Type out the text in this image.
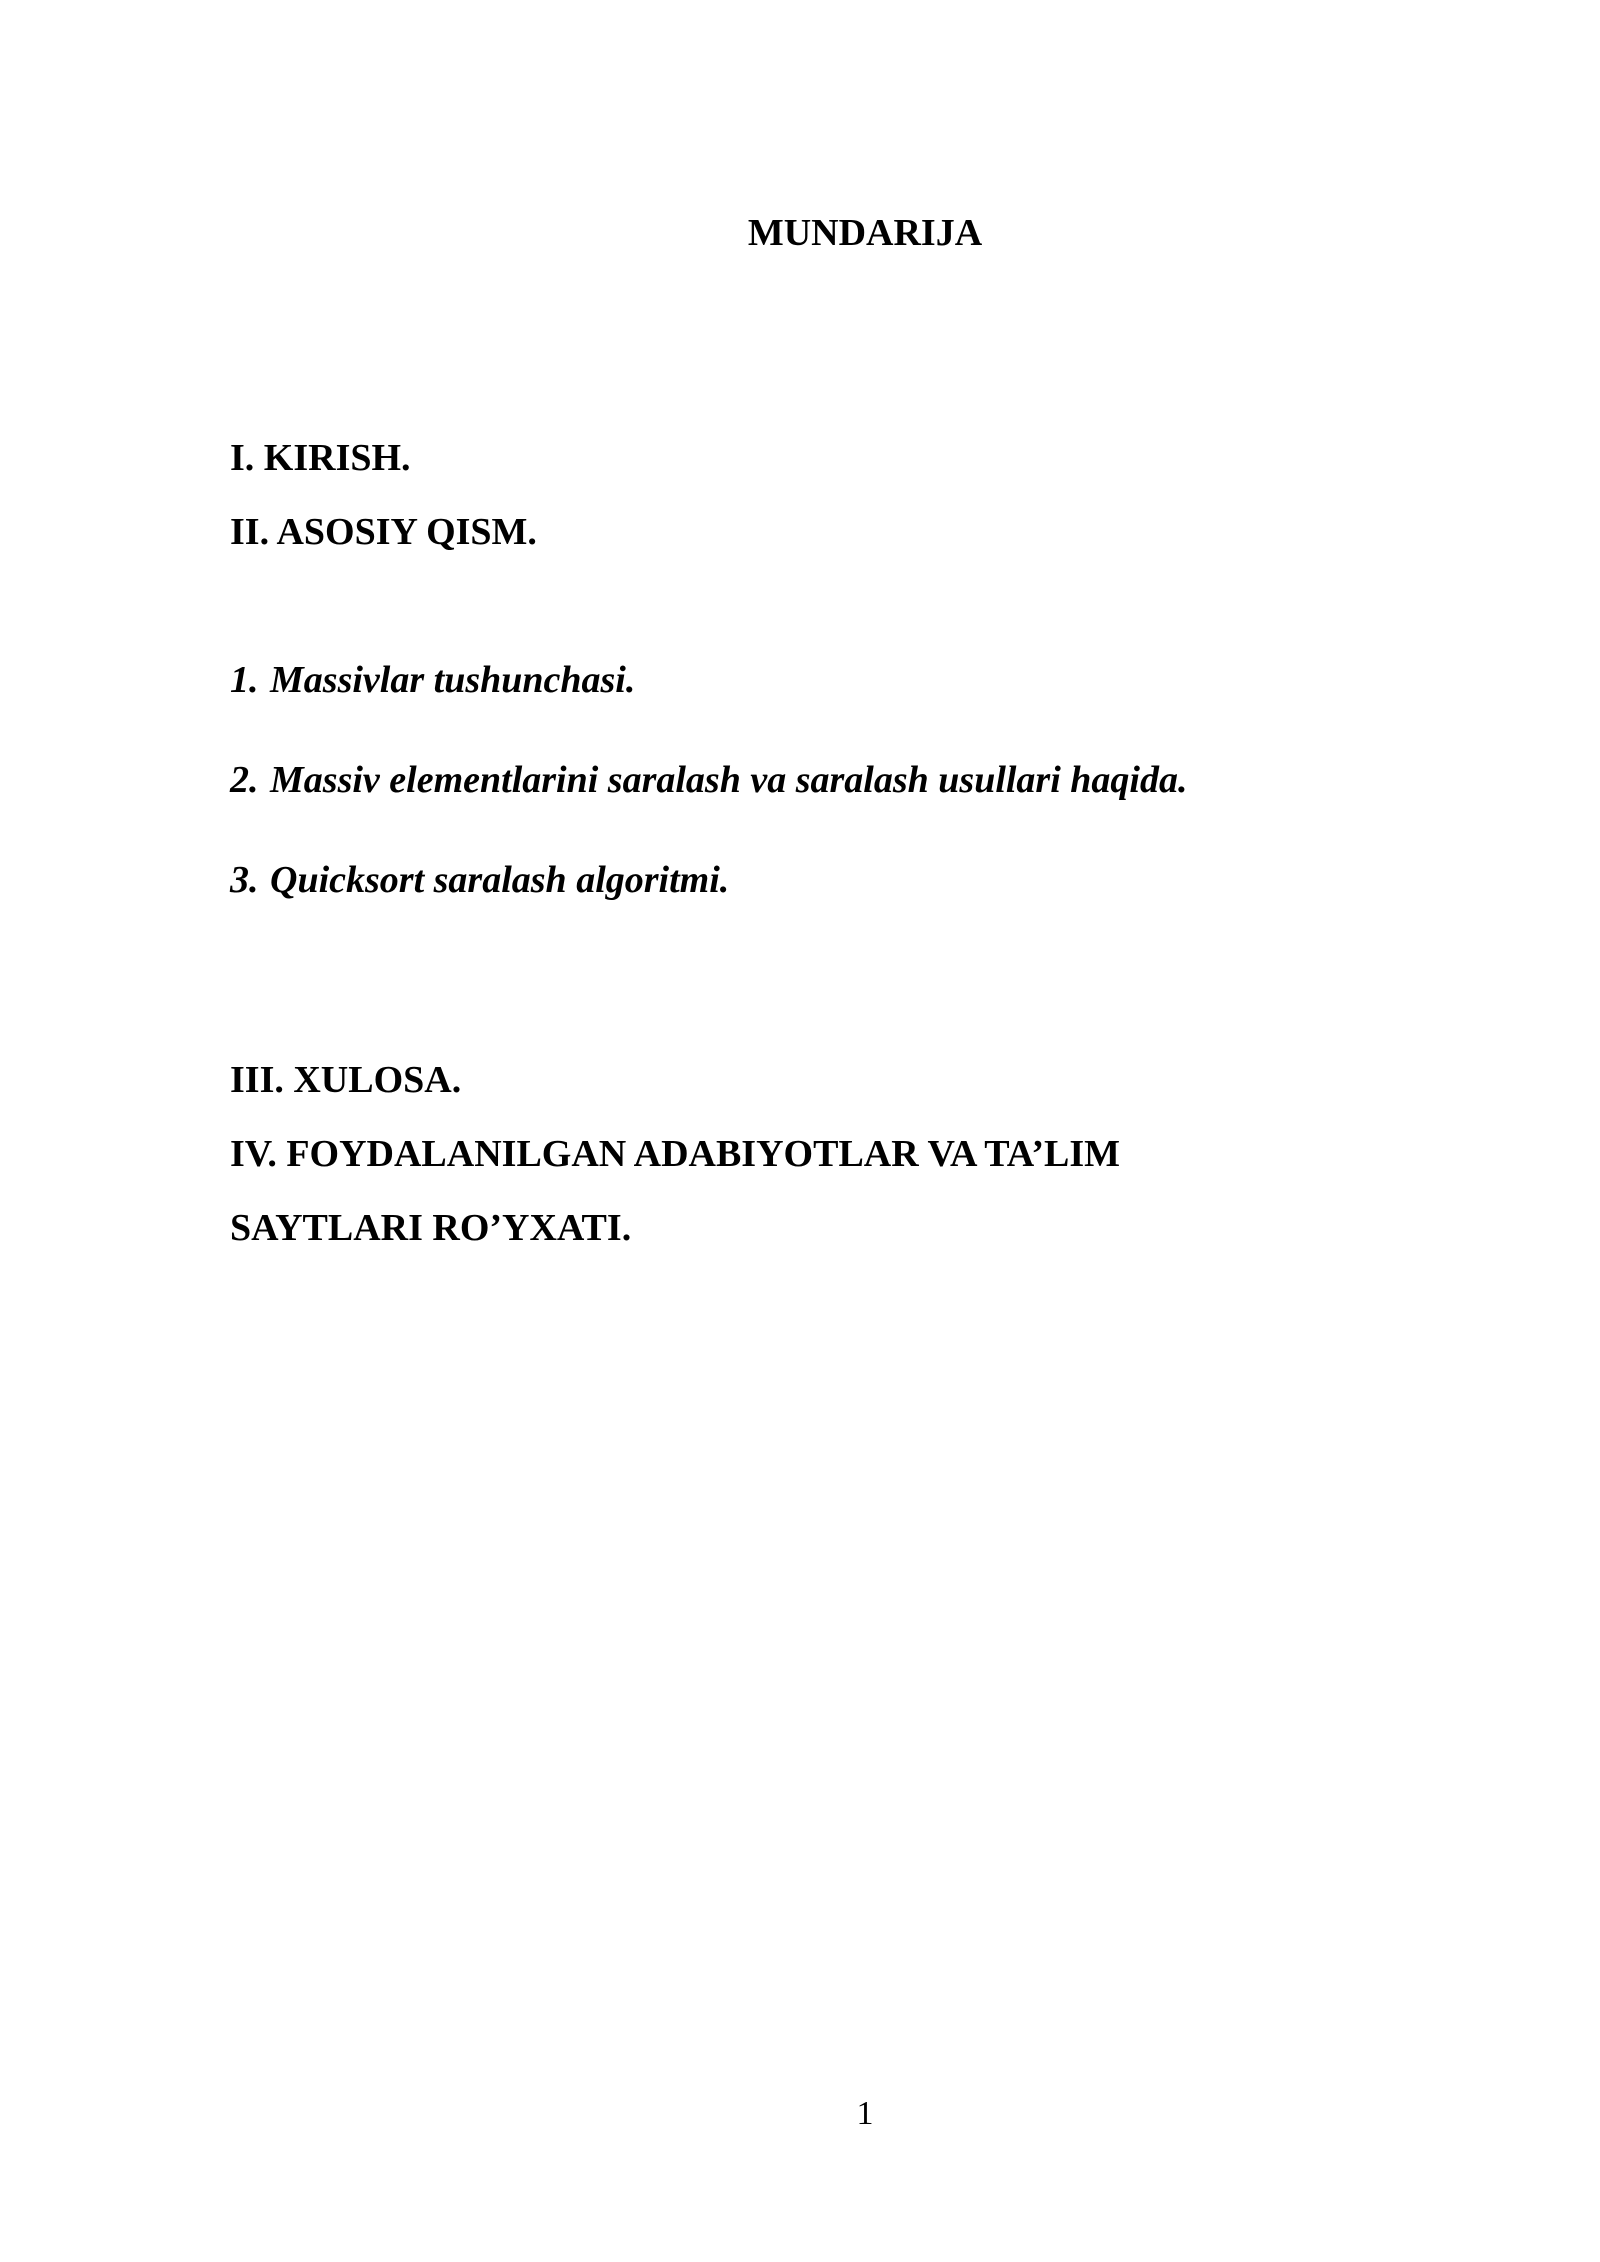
MUNDARIJA
I. KIRISH.
II. ASOSIY QISM.
1. Massivlar tushunchasi.
2. Massiv elementlarini saralash va saralash usullari haqida.
3. Quicksort saralash algoritmi.
III. XULOSA.
IV. FOYDALANILGAN ADABIYOTLAR VA TA’LIM
SAYTLARI RO’YXATI.
1
